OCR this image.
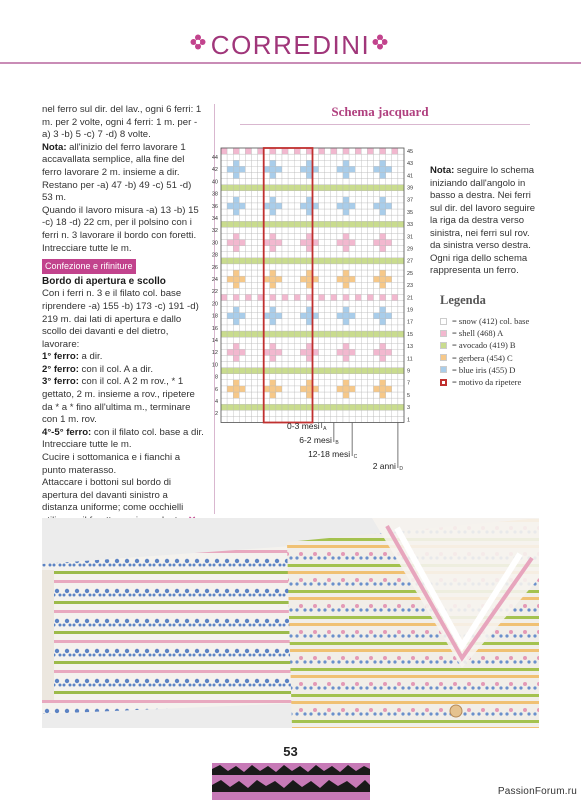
CORREDINI

nel ferro sul dir. del lav., ogni 6 ferri: 1 m. per 2 volte, ogni 4 ferri: 1 m. per -a) 3 -b) 5 -c) 7 -d) 8 volte.

Nota: all'inizio del ferro lavorare 1 accavallata semplice, alla fine del ferro lavorare 2 m. insieme a dir.

Restano per -a) 47 -b) 49 -c) 51 -d) 53 m.

Quando il lavoro misura -a) 13 -b) 15 -c) 18 -d) 22 cm, per il polsino con i ferri n. 3 lavorare il bordo con foretti. Intrecciare tutte le m.

Confezione e rifiniture
Bordo di apertura e scollo

Con i ferri n. 3 e il filato col. base riprendere -a) 155 -b) 173 -c) 191 -d) 219 m. dai lati di apertura e dallo scollo dei davanti e del dietro, lavorare:

1° ferro: a dir.

2° ferro: con il col. A a dir.

3° ferro: con il col. A 2 m rov., * 1 gettato, 2 m. insieme a rov., ripetere da * a * fino all'ultima m., terminare con 1 m. rov.

4°-5° ferro: con il filato col. base a dir. Intrecciare tutte le m.

Cucire i sottomanica e i fianchi a punto materasso.

Attaccare i bottoni sul bordo di apertura del davanti sinistro a distanza uniforme; come occhielli

Schema jacquard
44
42
40
38
36
34
32
30
28
26
24
22
20
18
16
14
12
10
8
6
4
2
45
43
41
39
37
35
33
31
29
27
25
23
21
19
17
15
13
11
9
7
5
3
1
A
0-3 mesi
B
6-2 mesi
C
12-18 mesi
D
2 anni
Nota: seguire lo schema iniziando dall'angolo in basso a destra. Nei ferri sul dir. del lavoro seguire la riga da destra verso sinistra, nei ferri sul rov. da sinistra verso destra. Ogni riga dello schema rappresenta un ferro.
Legenda
= snow (412) col. base
= shell (468) A
= avocado (419) B
= gerbera (454) C
= blue iris (455) D
= motivo da ripetere
53
PassionForum.ru
